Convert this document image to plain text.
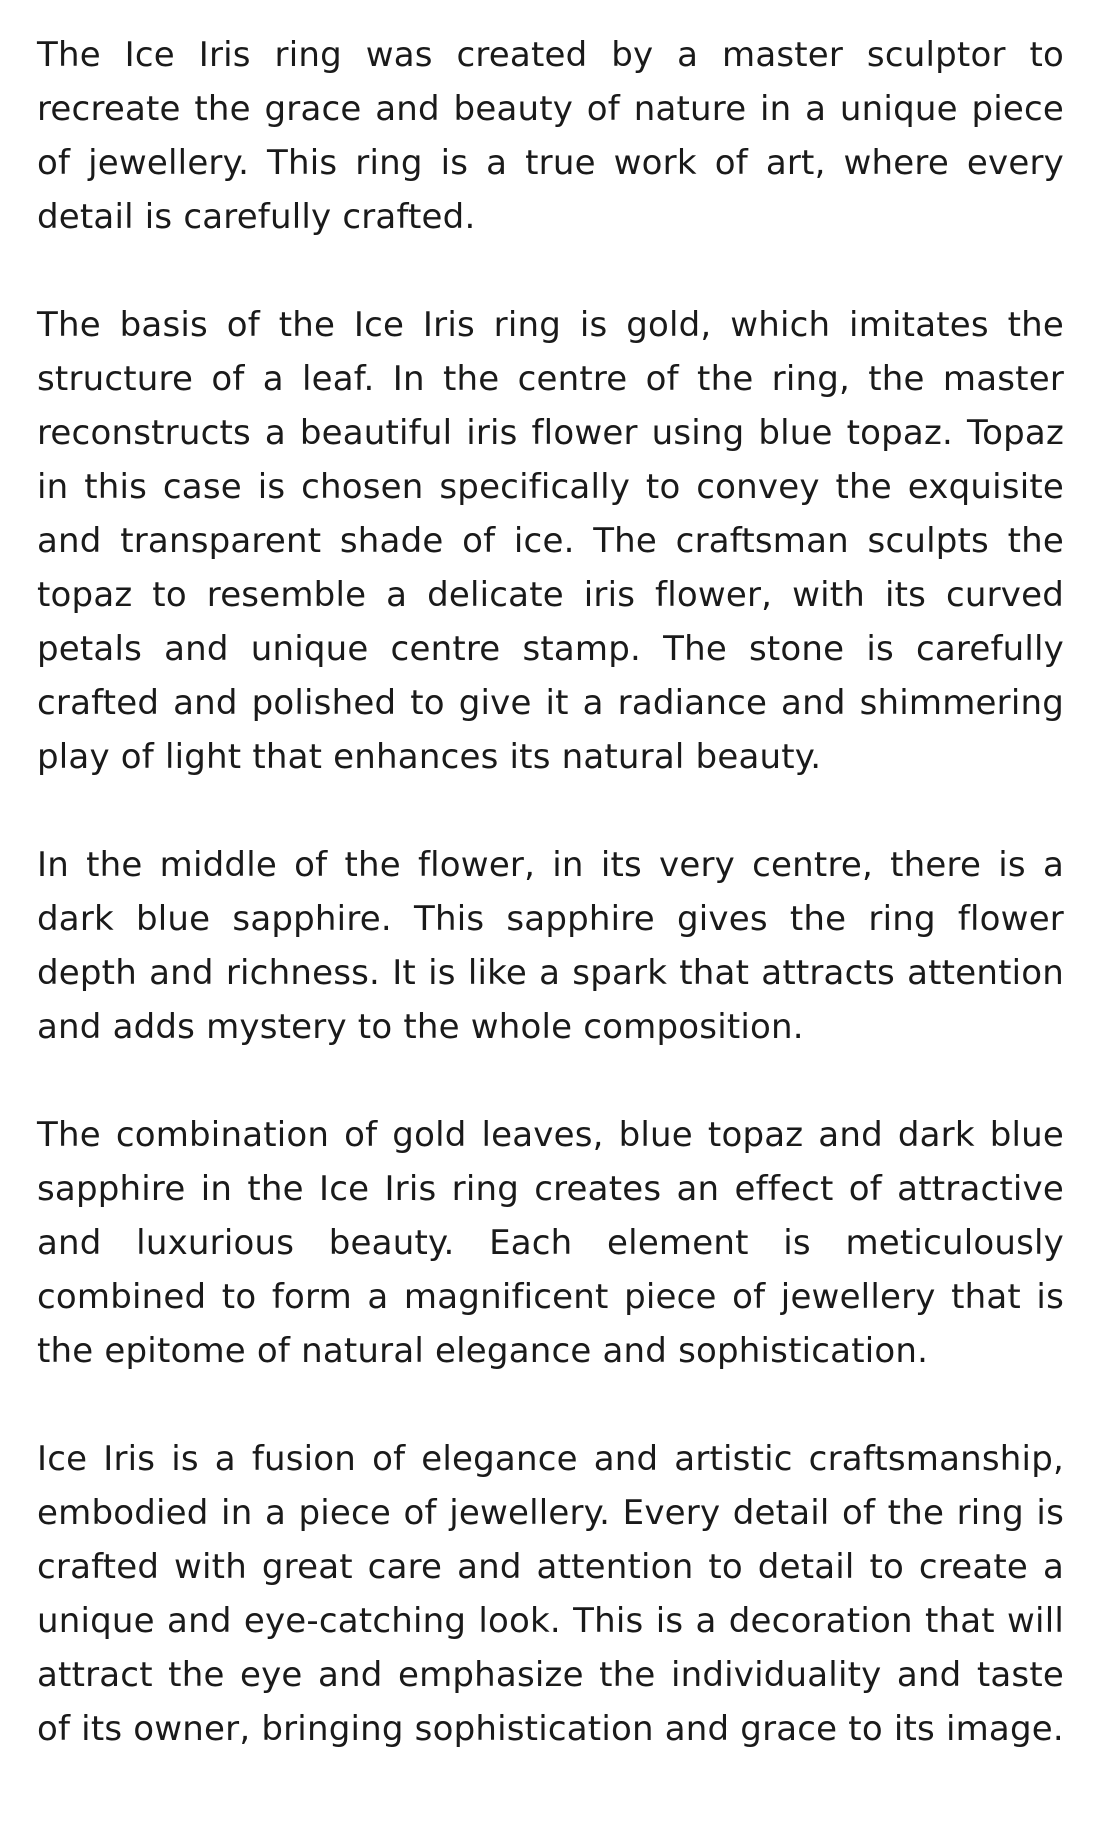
The Ice Iris ring was created by a master sculptor to recreate the grace and beauty of nature in a unique piece of jewellery. This ring is a true work of art, where every detail is carefully crafted.

The basis of the Ice Iris ring is gold, which imitates the structure of a leaf. In the centre of the ring, the master reconstructs a beautiful iris flower using blue topaz. Topaz in this case is chosen specifically to convey the exquisite and transparent shade of ice. The craftsman sculpts the topaz to resemble a delicate iris flower, with its curved petals and unique centre stamp. The stone is carefully crafted and polished to give it a radiance and shimmering play of light that enhances its natural beauty.

In the middle of the flower, in its very centre, there is a dark blue sapphire. This sapphire gives the ring flower depth and richness. It is like a spark that attracts attention and adds mystery to the whole composition.

The combination of gold leaves, blue topaz and dark blue sapphire in the Ice Iris ring creates an effect of attractive and luxurious beauty. Each element is meticulously combined to form a magnificent piece of jewellery that is the epitome of natural elegance and sophistication.

Ice Iris is a fusion of elegance and artistic craftsmanship, embodied in a piece of jewellery. Every detail of the ring is crafted with great care and attention to detail to create a unique and eye-catching look. This is a decoration that will attract the eye and emphasize the individuality and taste of its owner, bringing sophistication and grace to its image.
